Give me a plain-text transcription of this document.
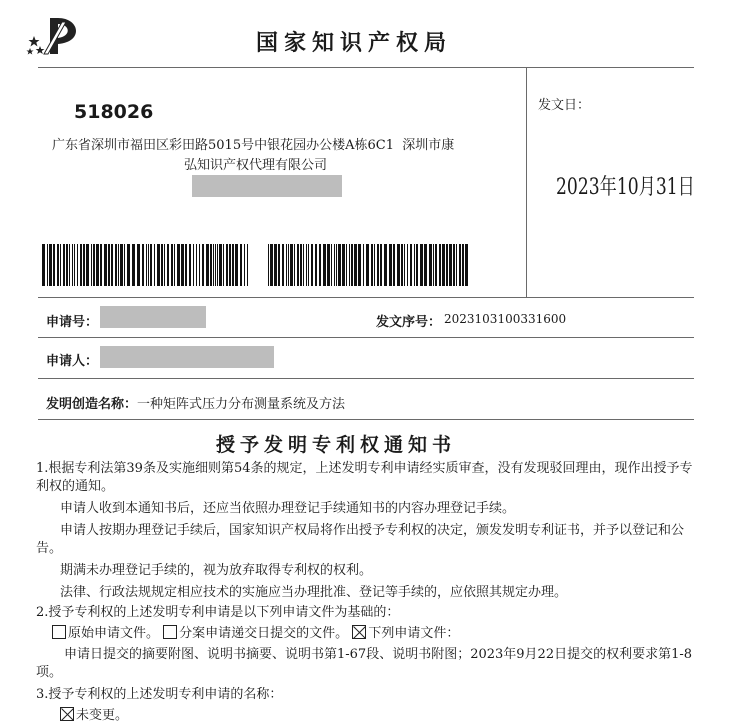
国家知识产权局
518026
广东省深圳市福田区彩田路5015号中银花园办公楼A栋6C1  深圳市康
弘知识产权代理有限公司
发文日：
2023年10月31日
申请号：	发文序号： 2023103100331600
申请人：
发明创造名称：一种矩阵式压力分布测量系统及方法
授予发明专利权通知书
1.根据专利法第39条及实施细则第54条的规定，上述发明专利申请经实质审查，没有发现驳回理由，现作出授予专利权的通知。
申请人收到本通知书后，还应当依照办理登记手续通知书的内容办理登记手续。
申请人按期办理登记手续后，国家知识产权局将作出授予专利权的决定，颁发发明专利证书，并予以登记和公告。
期满未办理登记手续的，视为放弃取得专利权的权利。
法律、行政法规规定相应技术的实施应当办理批准、登记等手续的，应依照其规定办理。
2.授予专利权的上述发明专利申请是以下列申请文件为基础的：
原始申请文件。 分案申请递交日提交的文件。 下列申请文件：
申请日提交的摘要附图、说明书摘要、说明书第1-67段、说明书附图；2023年9月22日提交的权利要求第1-8项。
3.授予专利权的上述发明专利申请的名称：
未变更。
